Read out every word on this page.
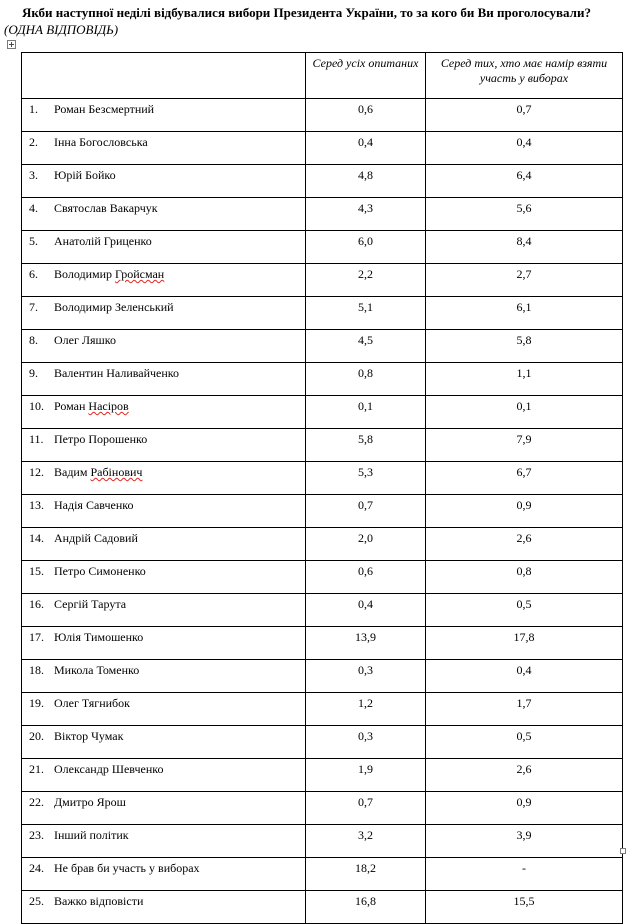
Якби наступної неділі відбувалися вибори Президента України, то за кого би Ви проголосували?
(ОДНА ВІДПОВІДЬ)
	Серед усіх опитаних	Серед тих, хто має намір взяти участь у виборах
1. Роман Безсмертний	0,6	0,7
2. Інна Богословська	0,4	0,4
3. Юрій Бойко	4,8	6,4
4. Святослав Вакарчук	4,3	5,6
5. Анатолій Гриценко	6,0	8,4
6. Володимир Гройсман	2,2	2,7
7. Володимир Зеленський	5,1	6,1
8. Олег Ляшко	4,5	5,8
9. Валентин Наливайченко	0,8	1,1
10. Роман Насіров	0,1	0,1
11. Петро Порошенко	5,8	7,9
12. Вадим Рабінович	5,3	6,7
13. Надія Савченко	0,7	0,9
14. Андрій Садовий	2,0	2,6
15. Петро Симоненко	0,6	0,8
16. Сергій Тарута	0,4	0,5
17. Юлія Тимошенко	13,9	17,8
18. Микола Томенко	0,3	0,4
19. Олег Тягнибок	1,2	1,7
20. Віктор Чумак	0,3	0,5
21. Олександр Шевченко	1,9	2,6
22. Дмитро Ярош	0,7	0,9
23. Інший політик	3,2	3,9
24. Не брав би участь у виборах	18,2	-
25. Важко відповісти	16,8	15,5
